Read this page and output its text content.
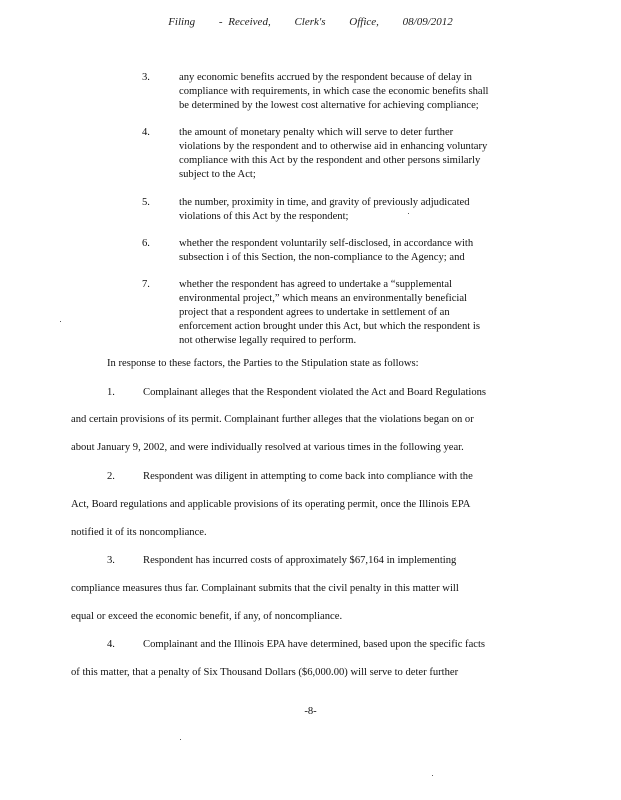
Filing - Received, Clerk's Office, 08/09/2012
3.	any economic benefits accrued by the respondent because of delay in
compliance with requirements, in which case the economic benefits shall
be determined by the lowest cost alternative for achieving compliance;
4.	the amount of monetary penalty which will serve to deter further
violations by the respondent and to otherwise aid in enhancing voluntary
compliance with this Act by the respondent and other persons similarly
subject to the Act;
5.	the number, proximity in time, and gravity of previously adjudicated
violations of this Act by the respondent;
6.	whether the respondent voluntarily self-disclosed, in accordance with
subsection i of this Section, the non-compliance to the Agency; and
7.	whether the respondent has agreed to undertake a “supplemental
environmental project,” which means an environmentally beneficial
project that a respondent agrees to undertake in settlement of an
enforcement action brought under this Act, but which the respondent is
not otherwise legally required to perform.
In response to these factors, the Parties to the Stipulation state as follows:
1.	Complainant alleges that the Respondent violated the Act and Board Regulations
and certain provisions of its permit. Complainant further alleges that the violations began on or
about January 9, 2002, and were individually resolved at various times in the following year.
2.	Respondent was diligent in attempting to come back into compliance with the
Act, Board regulations and applicable provisions of its operating permit, once the Illinois EPA
notified it of its noncompliance.
3.	Respondent has incurred costs of approximately $67,164 in implementing
compliance measures thus far. Complainant submits that the civil penalty in this matter will
equal or exceed the economic benefit, if any, of noncompliance.
4.	Complainant and the Illinois EPA have determined, based upon the specific facts
of this matter, that a penalty of Six Thousand Dollars ($6,000.00) will serve to deter further
-8-
